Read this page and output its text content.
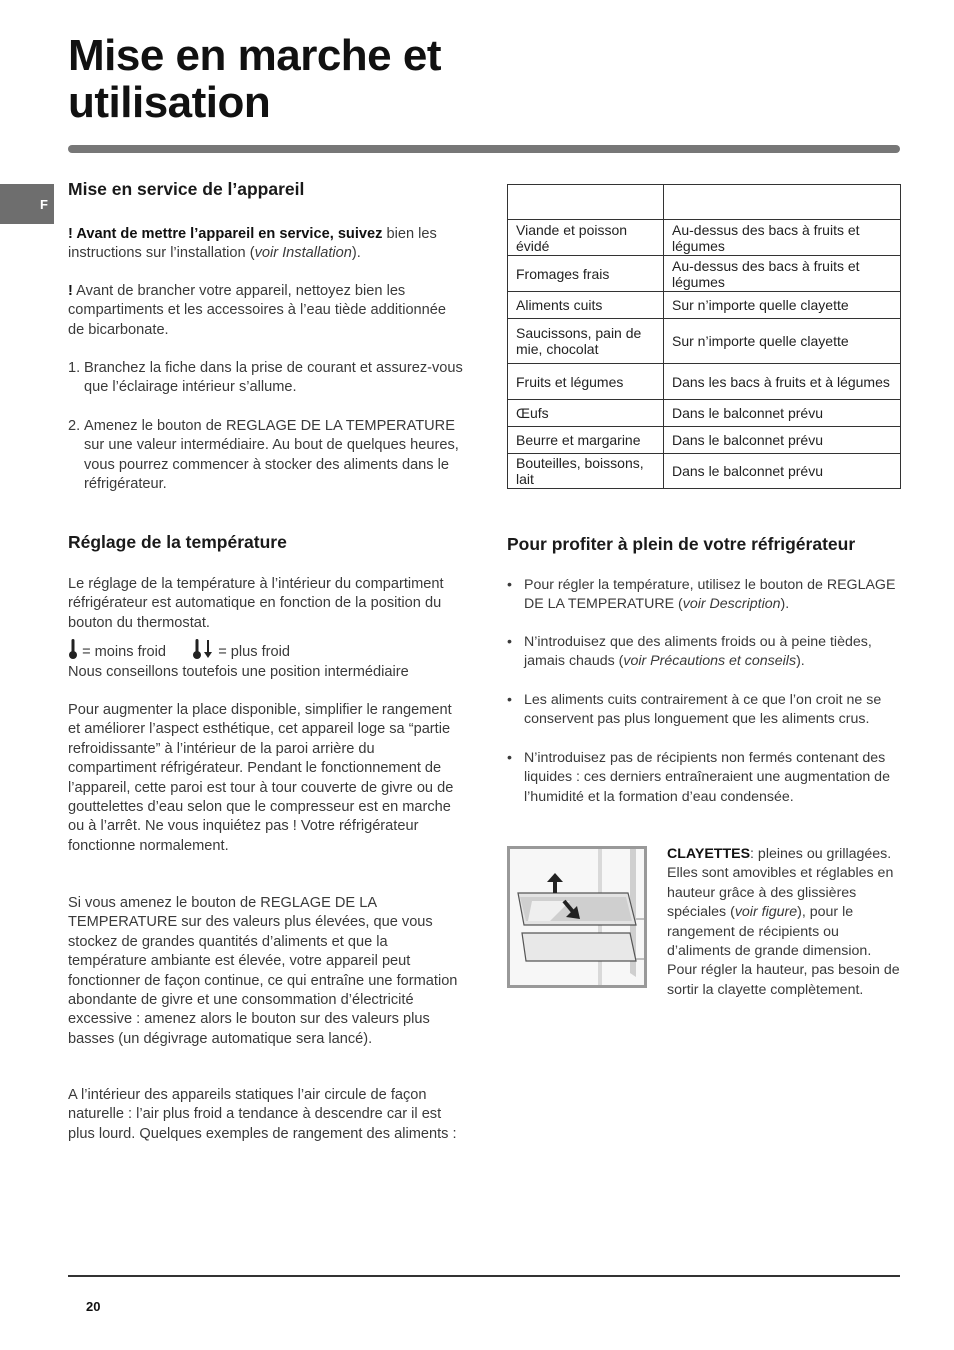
Mise en marche et
utilisation
F
Mise en service de l’appareil
! Avant de mettre l’appareil en service, suivez bien les instructions sur l’installation (voir Installation).
! Avant de brancher votre appareil, nettoyez bien les compartiments et les accessoires à l’eau tiède additionnée de bicarbonate.
1. Branchez la fiche dans la prise de courant et assurez-vous que l’éclairage intérieur s’allume.
2. Amenez le bouton de REGLAGE DE LA TEMPERATURE sur une valeur intermédiaire. Au bout de quelques heures, vous pourrez commencer à stocker des aliments dans le réfrigérateur.
Réglage de la température
Le réglage de la température à l’intérieur du compartiment réfrigérateur est automatique en fonction de la position du bouton du thermostat.
= moins froid	= plus froid
Nous conseillons toutefois une position intermédiaire
Pour augmenter la place disponible, simplifier le rangement et améliorer l’aspect esthétique, cet appareil loge sa “partie refroidissante” à l’intérieur de la paroi arrière du compartiment réfrigérateur. Pendant le fonctionnement de l’appareil, cette paroi est tour à tour couverte de givre ou de gouttelettes d’eau selon que le compresseur est en marche ou à l’arrêt. Ne vous inquiétez pas ! Votre réfrigérateur fonctionne normalement.
Si vous amenez le bouton de REGLAGE DE LA TEMPERATURE sur des valeurs plus élevées, que vous stockez de grandes quantités d’aliments et que la température ambiante est élevée, votre appareil peut fonctionner de façon continue, ce qui entraîne une formation abondante de givre et une consommation d’électricité excessive : amenez alors le bouton sur des valeurs plus basses (un dégivrage automatique sera lancé).
A l’intérieur des appareils statiques l’air circule de façon naturelle : l’air plus froid a tendance à descendre car il est plus lourd. Quelques exemples de rangement des aliments :

Viande et poisson évidé	Au-dessus des bacs à fruits et légumes
Fromages frais	Au-dessus des bacs à fruits et légumes
Aliments cuits	Sur n’importe quelle clayette
Saucissons, pain de mie, chocolat	Sur n’importe quelle clayette
Fruits et légumes	Dans les bacs à fruits et à légumes
Œufs	Dans le balconnet prévu
Beurre et margarine	Dans le balconnet prévu
Bouteilles, boissons, lait	Dans le balconnet prévu
Pour profiter à plein de votre réfrigérateur
• Pour régler la température, utilisez le bouton de REGLAGE DE LA TEMPERATURE (voir Description).
• N’introduisez que des aliments froids ou à peine tièdes, jamais chauds (voir Précautions et conseils).
• Les aliments cuits contrairement à ce que l’on croit ne se conservent pas plus longuement que les aliments crus.
• N’introduisez pas de récipients non fermés contenant des liquides : ces derniers entraîneraient une augmentation de l’humidité et la formation d’eau condensée.
CLAYETTES: pleines ou grillagées.
Elles sont amovibles et réglables en hauteur grâce à des glissières spéciales (voir figure), pour le rangement de récipients ou d’aliments de grande dimension. Pour régler la hauteur, pas besoin de sortir la clayette complètement.
20
